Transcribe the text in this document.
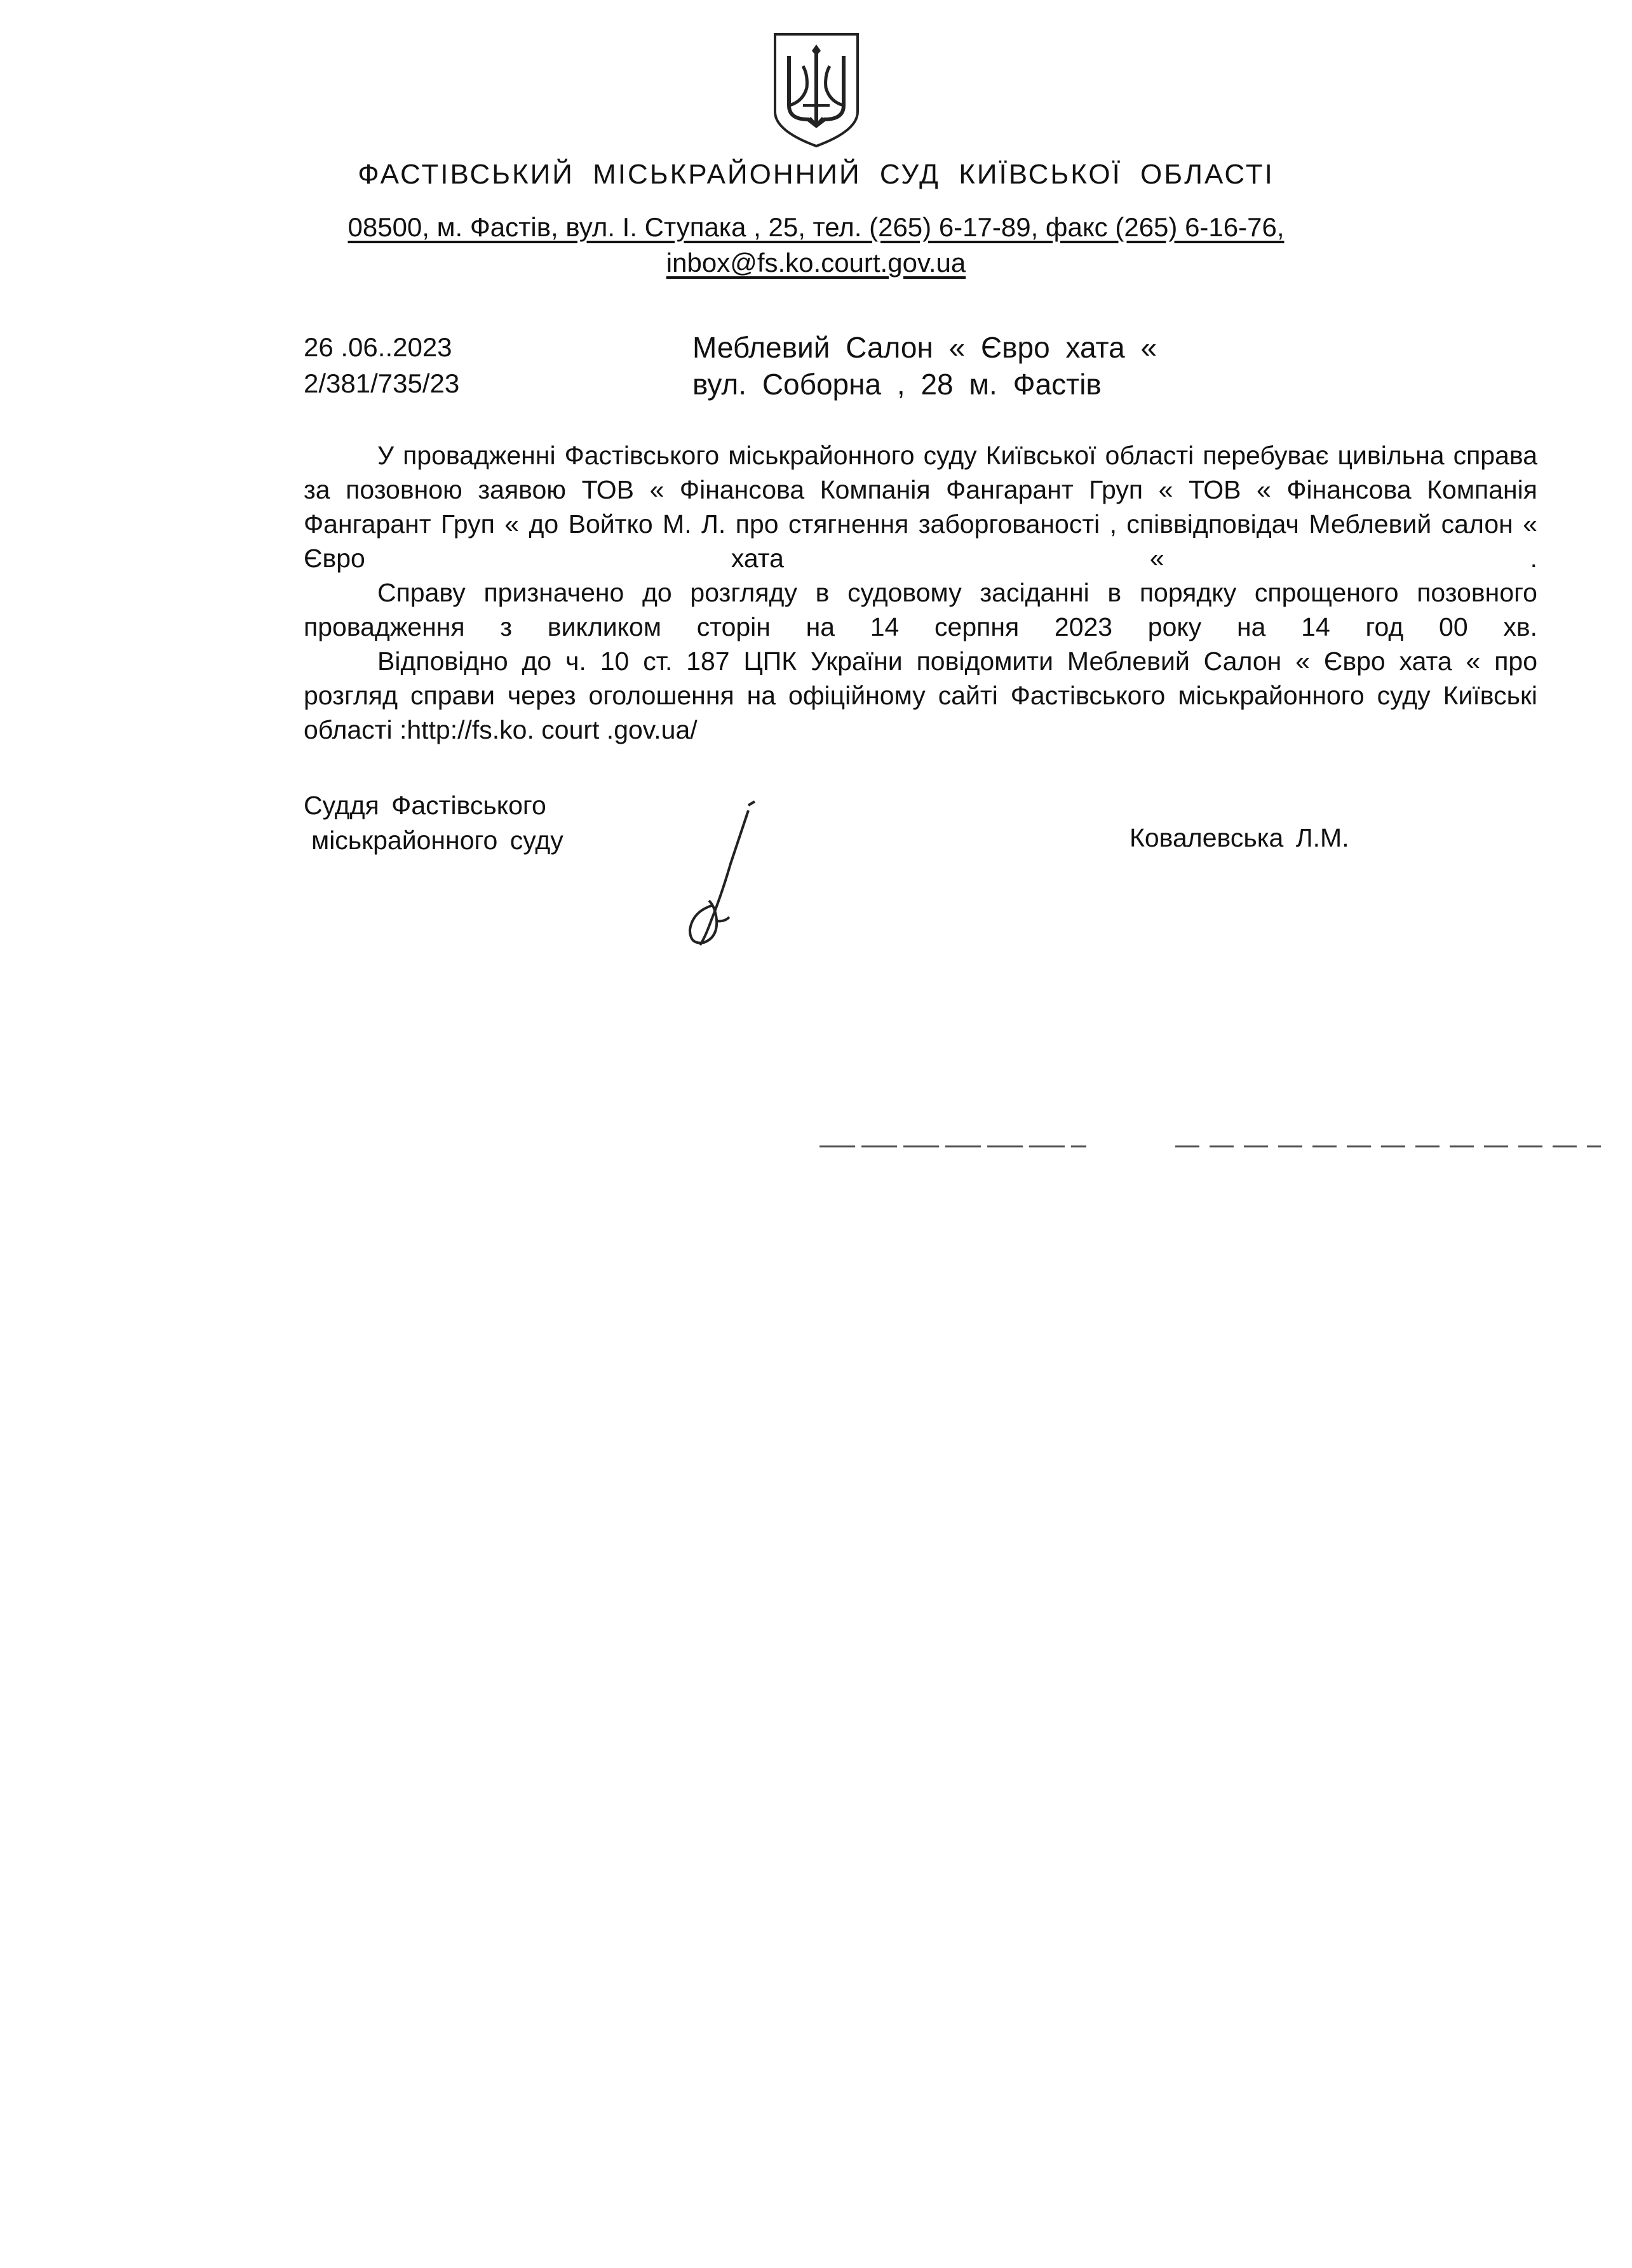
ФАСТІВСЬКИЙ МІСЬКРАЙОННИЙ СУД КИЇВСЬКОЇ ОБЛАСТІ
08500, м. Фастів, вул. І. Ступака , 25, тел. (265) 6-17-89, факс (265) 6-16-76,
inbox@fs.ko.court.gov.ua
26 .06..2023
2/381/735/23
Меблевий Салон « Євро хата «
вул. Соборна , 28 м. Фастів

У провадженні Фастівського міськрайонного суду Київської області перебуває цивільна справа за позовною заявою ТОВ « Фінансова Компанія Фангарант Груп « ТОВ « Фінансова Компанія Фангарант Груп « до Войтко М. Л. про стягнення заборгованості , співвідповідач Меблевий салон « Євро хата « .

Справу призначено до розгляду в судовому засіданні в порядку спрощеного позовного провадження з викликом сторін на 14 серпня 2023 року на 14 год 00 хв.

Відповідно до ч. 10 ст. 187 ЦПК України повідомити Меблевий Салон « Євро хата « про розгляд справи через оголошення на офіційному сайті Фастівського міськрайонного суду Київські області :http://fs.ko. court .gov.ua/

Суддя Фастівського
міськрайонного суду	Ковалевська Л.М.
